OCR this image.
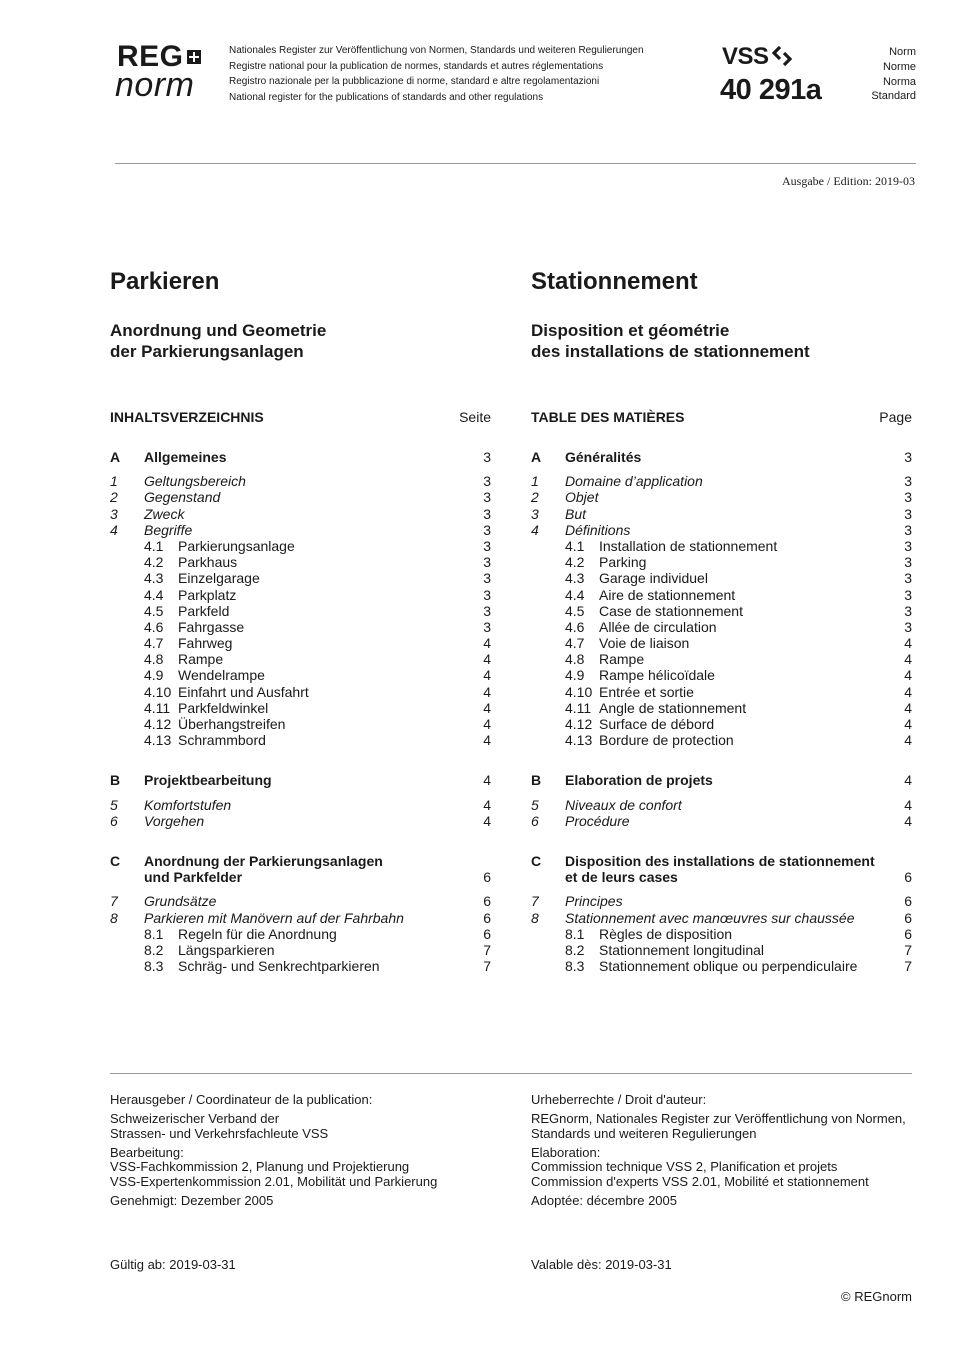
REG
norm
Nationales Register zur Veröffentlichung von Normen, Standards und weiteren Regulierungen
Registre national pour la publication de normes, standards et autres réglementations
Registro nazionale per la pubblicazione di norme, standard e altre regolamentazioni
National register for the publications of standards and other regulations
VSS
40 291a
Norm
Norme
Norma
Standard
Ausgabe / Edition: 2019-03
Parkieren	Stationnement
Anordnung und Geometrie
der Parkierungsanlagen
Disposition et géométrie
des installations de stationnement
INHALTSVERZEICHNIS	Seite
A	Allgemeines	3
1	Geltungsbereich	3
2	Gegenstand	3
3	Zweck	3
4	Begriffe	3
4.1	Parkierungsanlage	3
4.2	Parkhaus	3
4.3	Einzelgarage	3
4.4	Parkplatz	3
4.5	Parkfeld	3
4.6	Fahrgasse	3
4.7	Fahrweg	4
4.8	Rampe	4
4.9	Wendelrampe	4
4.10 Einfahrt und Ausfahrt	4
4.11 Parkfeldwinkel	4
4.12 Überhangstreifen	4
4.13 Schrammbord	4
B	Projektbearbeitung	4
5	Komfortstufen	4
6	Vorgehen	4
C	Anordnung der Parkierungsanlagen
und Parkfelder	6
7	Grundsätze	6
8	Parkieren mit Manövern auf der Fahrbahn	6
8.1	Regeln für die Anordnung	6
8.2	Längsparkieren	7
8.3	Schräg- und Senkrechtparkieren	7
TABLE DES MATIÈRES	Page
A	Généralités	3
1	Domaine d’application	3
2	Objet	3
3	But	3
4	Définitions	3
4.1	Installation de stationnement	3
4.2	Parking	3
4.3	Garage individuel	3
4.4	Aire de stationnement	3
4.5	Case de stationnement	3
4.6	Allée de circulation	3
4.7	Voie de liaison	4
4.8	Rampe	4
4.9	Rampe hélicoïdale	4
4.10 Entrée et sortie	4
4.11 Angle de stationnement	4
4.12 Surface de débord	4
4.13 Bordure de protection	4
B	Elaboration de projets	4
5	Niveaux de confort	4
6	Procédure	4
C	Disposition des installations de stationnement
et de leurs cases	6
7	Principes	6
8	Stationnement avec manœuvres sur chaussée	6
8.1	Règles de disposition	6
8.2	Stationnement longitudinal	7
8.3	Stationnement oblique ou perpendiculaire	7

Herausgeber / Coordinateur de la publication:

Schweizerischer Verband der
Strassen- und Verkehrsfachleute VSS

Bearbeitung:
VSS-Fachkommission 2, Planung und Projektierung
VSS-Expertenkommission 2.01, Mobilität und Parkierung

Genehmigt: Dezember 2005

Urheberrechte / Droit d'auteur:

REGnorm, Nationales Register zur Veröffentlichung von Normen,
Standards und weiteren Regulierungen

Elaboration:
Commission technique VSS 2, Planification et projets
Commission d'experts VSS 2.01, Mobilité et stationnement

Adoptée: décembre 2005

Gültig ab: 2019-03-31	Valable dès: 2019-03-31
© REGnorm
